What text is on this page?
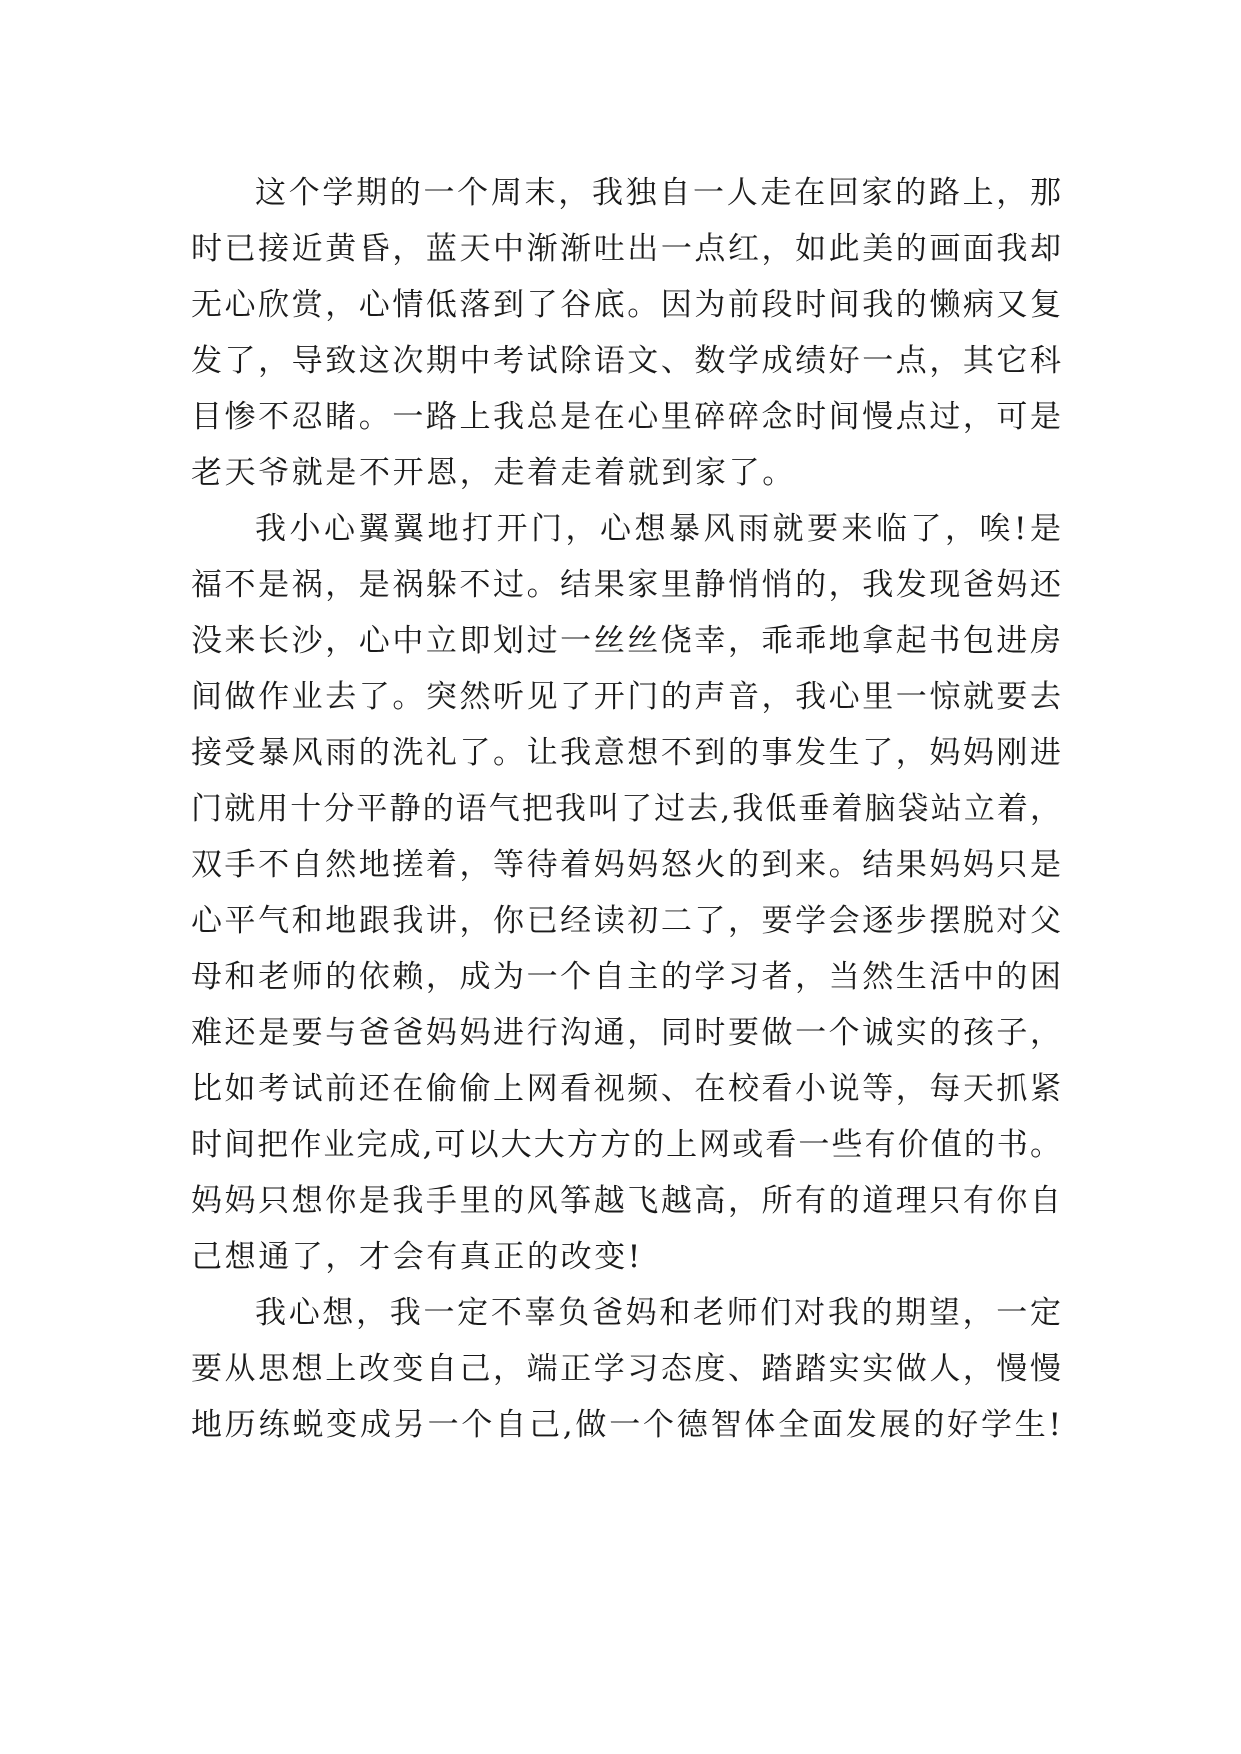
这个学期的一个周末，我独自一人走在回家的路上，那
时已接近黄昏，蓝天中渐渐吐出一点红，如此美的画面我却
无心欣赏，心情低落到了谷底。因为前段时间我的懒病又复
发了，导致这次期中考试除语文、数学成绩好一点，其它科
目惨不忍睹。一路上我总是在心里碎碎念时间慢点过，可是
老天爷就是不开恩，走着走着就到家了。
我小心翼翼地打开门，心想暴风雨就要来临了，唉!是
福不是祸，是祸躲不过。结果家里静悄悄的，我发现爸妈还
没来长沙，心中立即划过一丝丝侥幸，乖乖地拿起书包进房
间做作业去了。突然听见了开门的声音，我心里一惊就要去
接受暴风雨的洗礼了。让我意想不到的事发生了，妈妈刚进
门就用十分平静的语气把我叫了过去,我低垂着脑袋站立着，
双手不自然地搓着，等待着妈妈怒火的到来。结果妈妈只是
心平气和地跟我讲，你已经读初二了，要学会逐步摆脱对父
母和老师的依赖，成为一个自主的学习者，当然生活中的困
难还是要与爸爸妈妈进行沟通，同时要做一个诚实的孩子，
比如考试前还在偷偷上网看视频、在校看小说等，每天抓紧
时间把作业完成,可以大大方方的上网或看一些有价值的书。
妈妈只想你是我手里的风筝越飞越高，所有的道理只有你自
己想通了，才会有真正的改变!
我心想，我一定不辜负爸妈和老师们对我的期望，一定
要从思想上改变自己，端正学习态度、踏踏实实做人，慢慢
地历练蜕变成另一个自己,做一个德智体全面发展的好学生!
